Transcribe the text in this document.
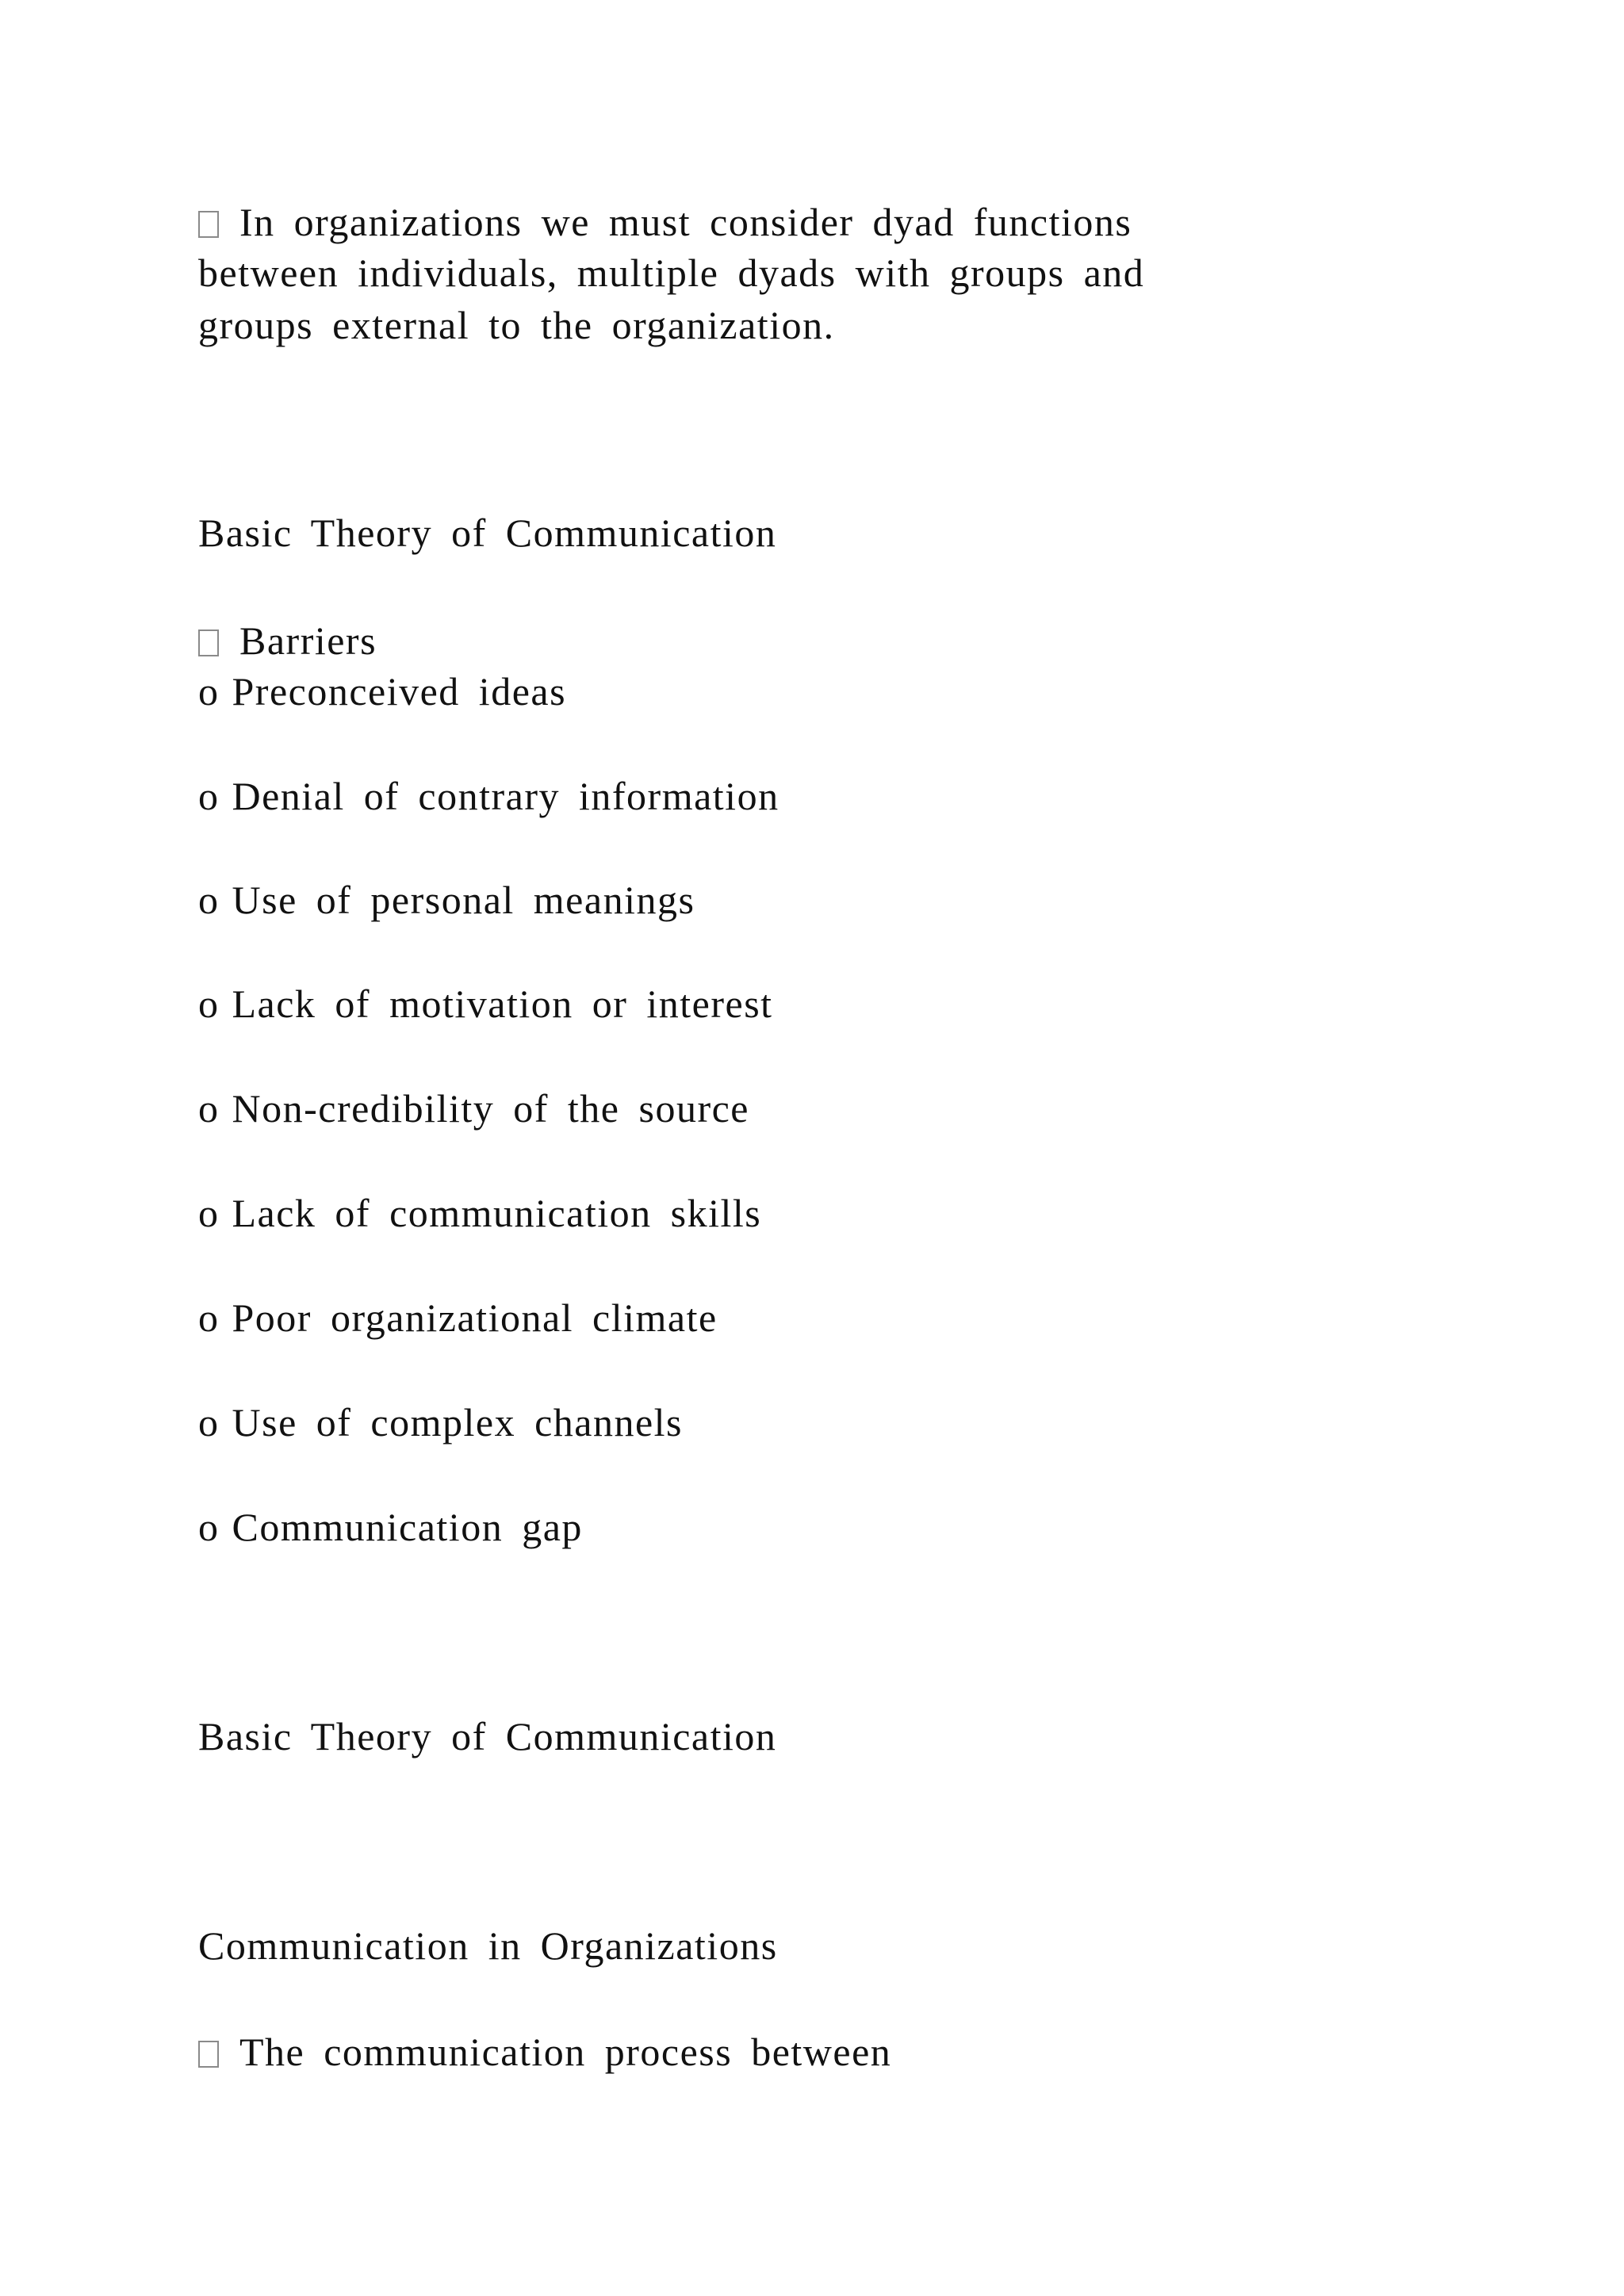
In organizations we must consider dyad functions
between individuals, multiple dyads with groups and
groups external to the organization.
Basic Theory of Communication
Barriers
o Preconceived ideas
o Denial of contrary information
o Use of personal meanings
o Lack of motivation or interest
o Non-credibility of the source
o Lack of communication skills
o Poor organizational climate
o Use of complex channels
o Communication gap
Basic Theory of Communication
Communication in Organizations
The communication process between
